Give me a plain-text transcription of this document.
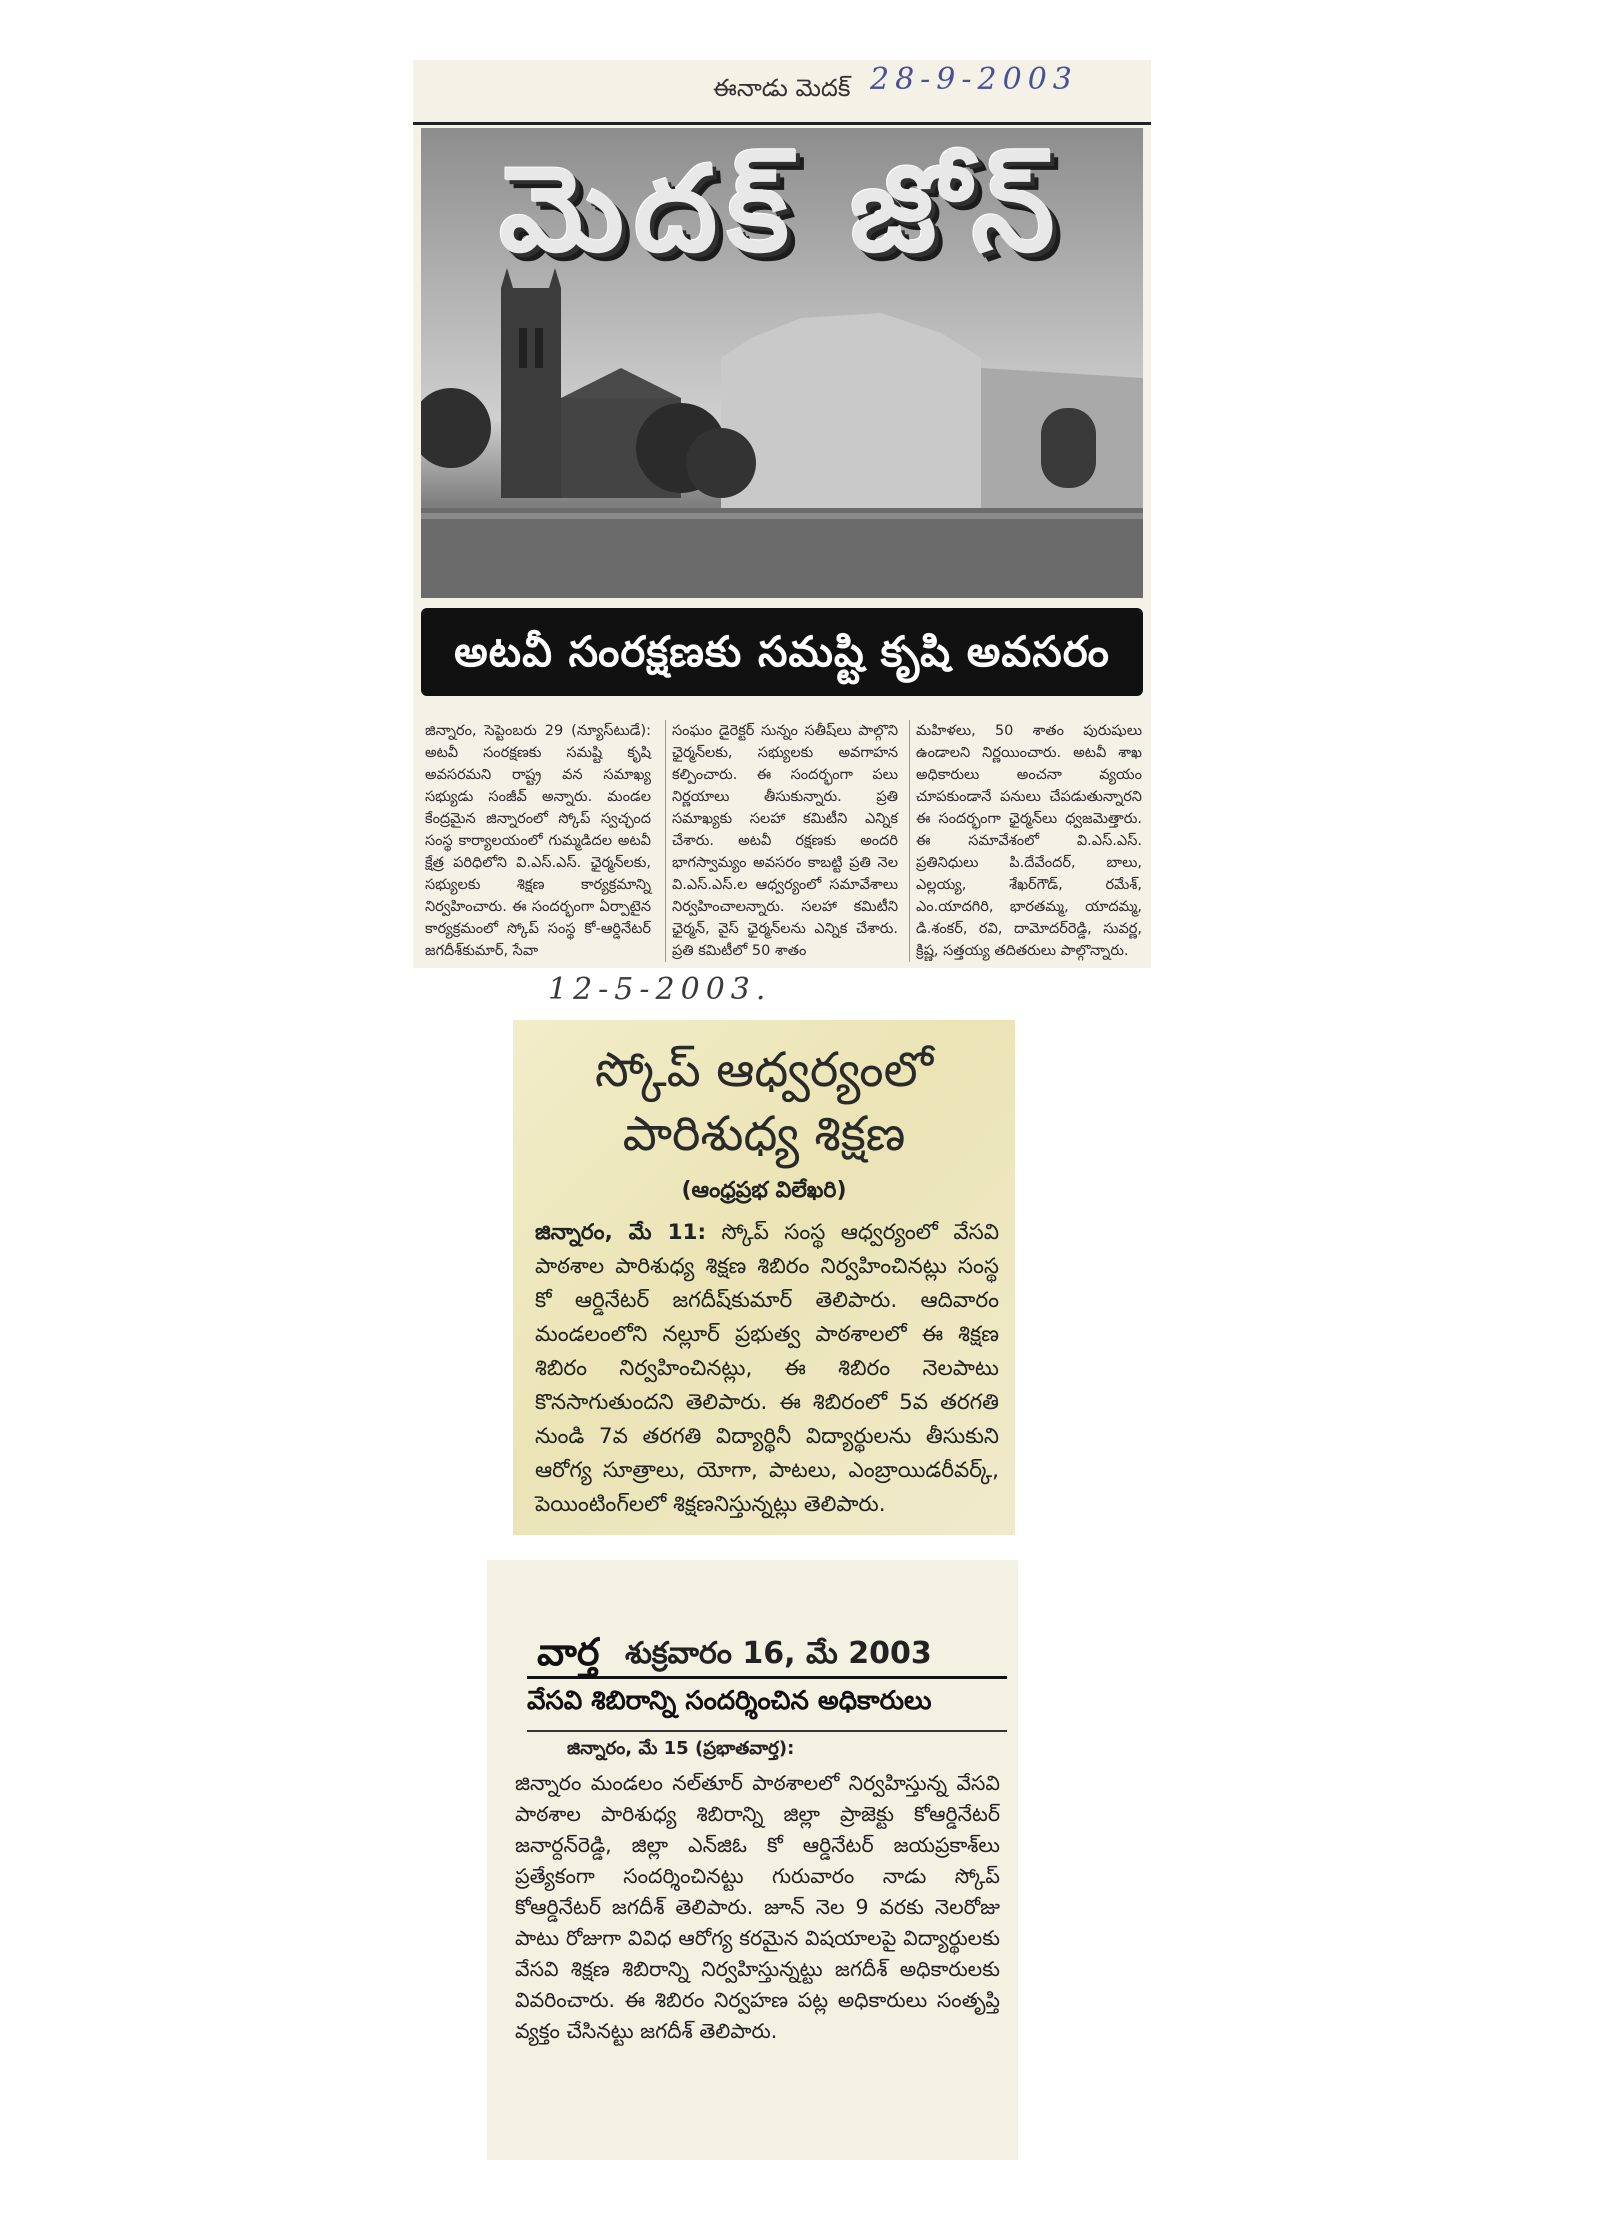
ఈనాడు మెదక్
మెదక్ జోన్
అటవీ సంరక్షణకు సమష్టి కృషి అవసరం
జిన్నారం, సెప్టెంబరు 29 (న్యూస్‌టుడే): అటవీ సంరక్షణకు సమష్టి కృషి అవసరమని రాష్ట్ర వన సమాఖ్య సభ్యుడు సంజీవ్ అన్నారు. మండల కేంద్రమైన జిన్నారంలో స్కోప్ స్వచ్ఛంద సంస్థ కార్యాలయంలో గుమ్మడిదల అటవీ క్షేత్ర పరిధిలోని వి.ఎస్.ఎస్. ఛైర్మన్‌లకు, సభ్యులకు శిక్షణ కార్యక్రమాన్ని నిర్వహించారు. ఈ సందర్భంగా ఏర్పాటైన కార్యక్రమంలో స్కోప్ సంస్థ కో-ఆర్డినేటర్ జగదీశ్‌కుమార్, సేవా
సంఘం డైరెక్టర్ సున్నం సతీష్‌లు పాల్గొని ఛైర్మన్‌లకు, సభ్యులకు అవగాహన కల్పించారు. ఈ సందర్భంగా పలు నిర్ణయాలు తీసుకున్నారు. ప్రతి సమాఖ్యకు సలహా కమిటీని ఎన్నిక చేశారు. అటవీ రక్షణకు అందరి భాగస్వామ్యం అవసరం కాబట్టి ప్రతి నెల వి.ఎస్.ఎస్.ల ఆధ్వర్యంలో సమావేశాలు నిర్వహించాలన్నారు. సలహా కమిటీని ఛైర్మన్, వైస్ ఛైర్మన్‌లను ఎన్నిక చేశారు. ప్రతి కమిటీలో 50 శాతం
మహిళలు, 50 శాతం పురుషులు ఉండాలని నిర్ణయించారు. అటవీ శాఖ అధికారులు అంచనా వ్యయం చూపకుండానే పనులు చేపడుతున్నారని ఈ సందర్భంగా ఛైర్మన్‌లు ధ్వజమెత్తారు. ఈ సమావేశంలో వి.ఎస్.ఎస్. ప్రతినిధులు పి.దేవేందర్, బాలు, ఎల్లయ్య, శేఖర్‌గౌడ్, రమేశ్, ఎం.యాదగిరి, భారతమ్మ, యాదమ్మ, డి.శంకర్, రవి, దామోదర్‌రెడ్డి, సువర్ణ, క్రిష్ణ, సత్తయ్య తదితరులు పాల్గొన్నారు.
28-9-2003
12-5-2003.
స్కోప్ ఆధ్వర్యంలో
పారిశుధ్య శిక్షణ
(ఆంధ్రప్రభ విలేఖరి)
జిన్నారం, మే 11: స్కోప్ సంస్థ ఆధ్వర్యంలో వేసవి పాఠశాల పారిశుధ్య శిక్షణ శిబిరం నిర్వహించినట్లు సంస్థ కో ఆర్డినేటర్ జగదీష్‌కుమార్ తెలిపారు. ఆదివారం మండలంలోని నల్లూర్ ప్రభుత్వ పాఠశాలలో ఈ శిక్షణ శిబిరం నిర్వహించినట్లు, ఈ శిబిరం నెలపాటు కొనసాగుతుందని తెలిపారు. ఈ శిబిరంలో 5వ తరగతి నుండి 7వ తరగతి విద్యార్థినీ విద్యార్థులను తీసుకుని ఆరోగ్య సూత్రాలు, యోగా, పాటలు, ఎంబ్రాయిడరీవర్క్, పెయింటింగ్‌లలో శిక్షణనిస్తున్నట్లు తెలిపారు.
వార్త శుక్రవారం 16, మే 2003
వేసవి శిబిరాన్ని సందర్శించిన అధికారులు
జిన్నారం, మే 15 (ప్రభాతవార్త):
జిన్నారం మండలం నల్‌తూర్ పాఠశాలలో నిర్వహిస్తున్న వేసవి పాఠశాల పారిశుధ్య శిబిరాన్ని జిల్లా ప్రాజెక్టు కోఆర్డినేటర్ జనార్దన్‌రెడ్డి, జిల్లా ఎన్‌జిఓ కో ఆర్డినేటర్ జయప్రకాశ్‌లు ప్రత్యేకంగా సందర్శించినట్టు గురువారం నాడు స్కోప్ కోఆర్డినేటర్ జగదీశ్ తెలిపారు. జూన్ నెల 9 వరకు నెలరోజు పాటు రోజుగా వివిధ ఆరోగ్య కరమైన విషయాలపై విద్యార్థులకు వేసవి శిక్షణ శిబిరాన్ని నిర్వహిస్తున్నట్టు జగదీశ్ అధికారులకు వివరించారు. ఈ శిబిరం నిర్వహణ పట్ల అధికారులు సంతృప్తి వ్యక్తం చేసినట్టు జగదీశ్ తెలిపారు.
